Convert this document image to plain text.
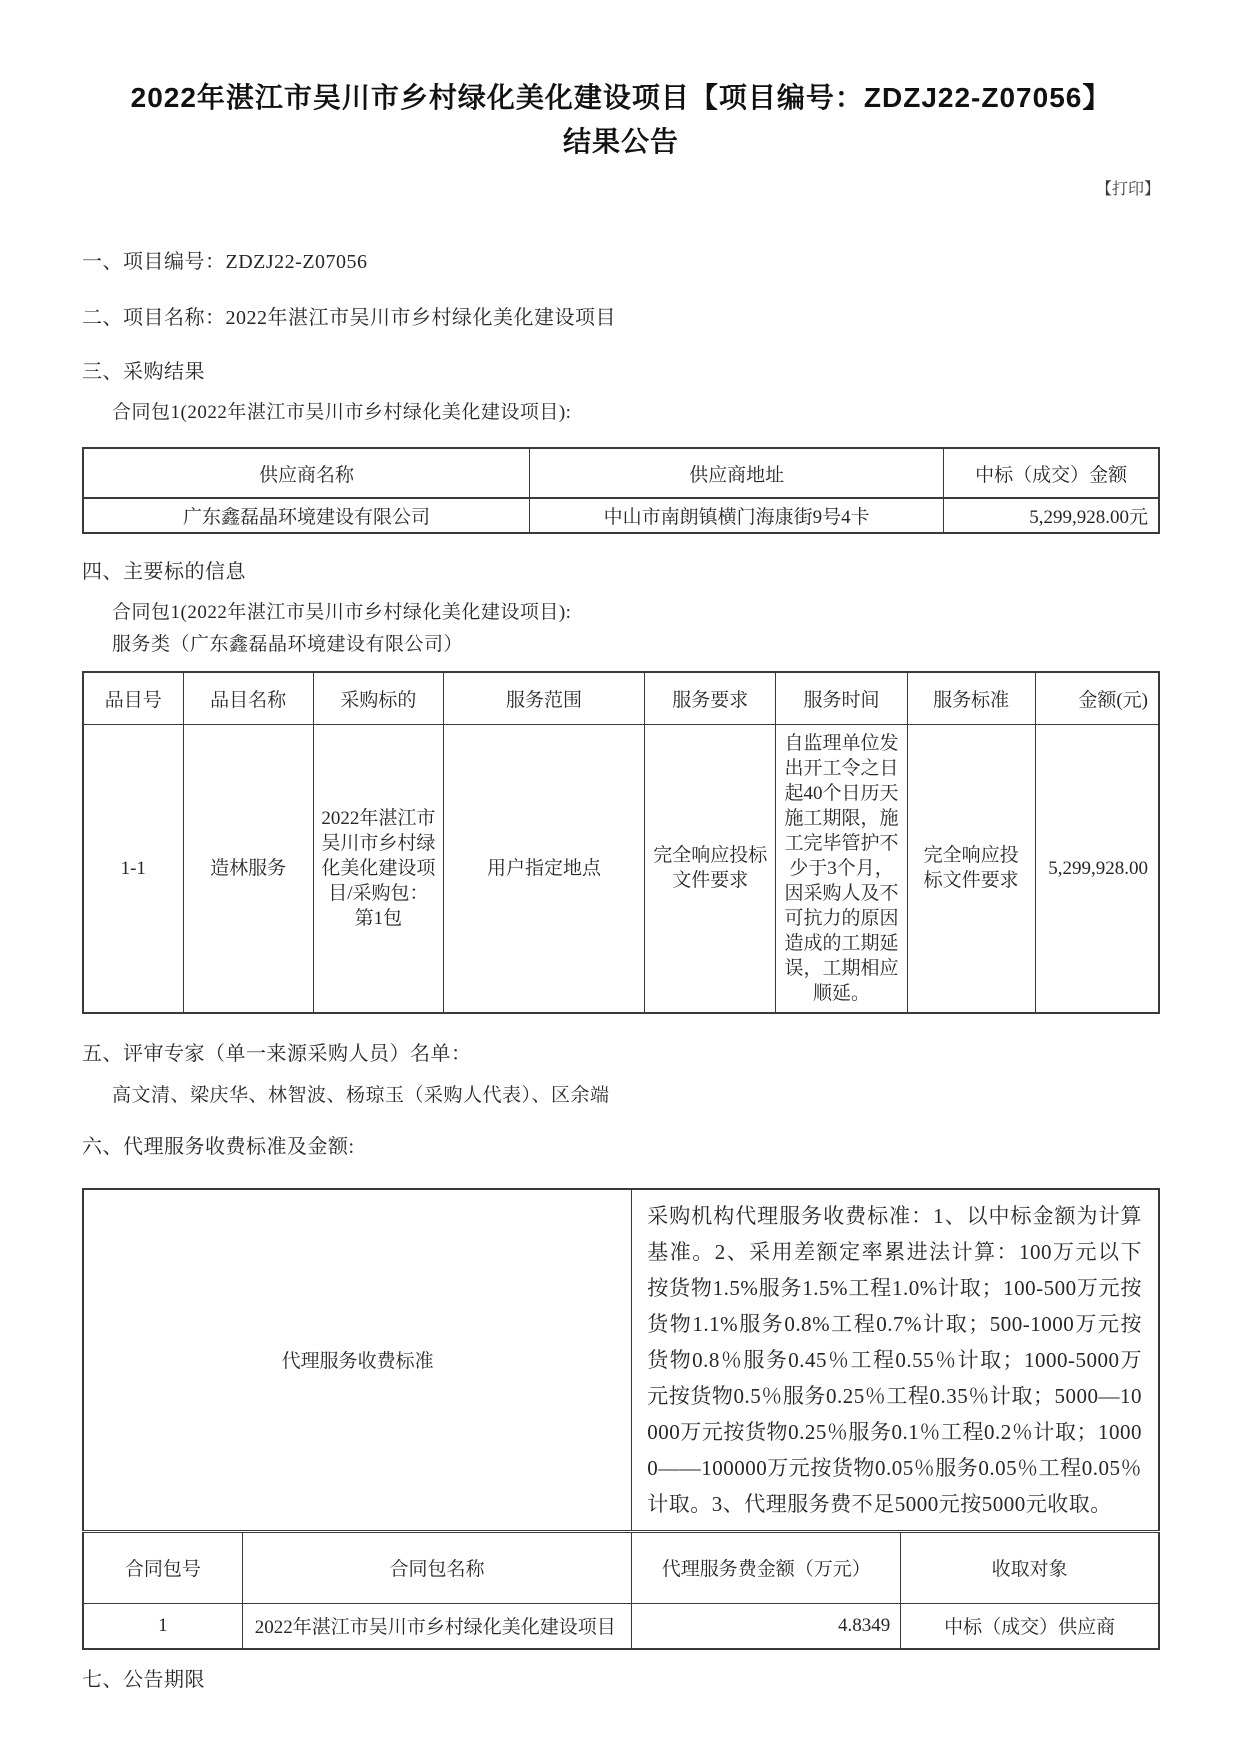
2022年湛江市吴川市乡村绿化美化建设项目【项目编号：ZDZJ22-Z07056】
结果公告
【打印】
一、项目编号：ZDZJ22-Z07056
二、项目名称：2022年湛江市吴川市乡村绿化美化建设项目
三、采购结果
合同包1(2022年湛江市吴川市乡村绿化美化建设项目):
供应商名称	供应商地址	中标（成交）金额
广东鑫磊晶环境建设有限公司	中山市南朗镇横门海康街9号4卡	5,299,928.00元
四、主要标的信息
合同包1(2022年湛江市吴川市乡村绿化美化建设项目):
服务类（广东鑫磊晶环境建设有限公司）
品目号	品目名称	采购标的	服务范围	服务要求	服务时间	服务标准	金额(元)
1-1	造林服务	2022年湛江市吴川市乡村绿化美化建设项目/采购包：第1包	用户指定地点	完全响应投标文件要求	自监理单位发出开工令之日起40个日历天施工期限，施工完毕管护不少于3个月，因采购人及不可抗力的原因造成的工期延误，工期相应顺延。	完全响应投标文件要求	5,299,928.00
五、评审专家（单一来源采购人员）名单：
高文清、梁庆华、林智波、杨琼玉（采购人代表）、区余端
六、代理服务收费标准及金额:
代理服务收费标准		采购机构代理服务收费标准：1、以中标金额为计算基准。2、采用差额定率累进法计算：100万元以下按货物1.5%服务1.5%工程1.0%计取；100-500万元按货物1.1%服务0.8%工程0.7%计取；500-1000万元按货物0.8％服务0.45％工程0.55％计取；1000-5000万元按货物0.5％服务0.25％工程0.35％计取；5000—10000万元按货物0.25％服务0.1％工程0.2％计取；10000——100000万元按货物0.05％服务0.05％工程0.05％计取。3、代理服务费不足5000元按5000元收取。	
合同包号	合同包名称	代理服务费金额（万元）	收取对象
1	2022年湛江市吴川市乡村绿化美化建设项目	4.8349	中标（成交）供应商
七、公告期限
